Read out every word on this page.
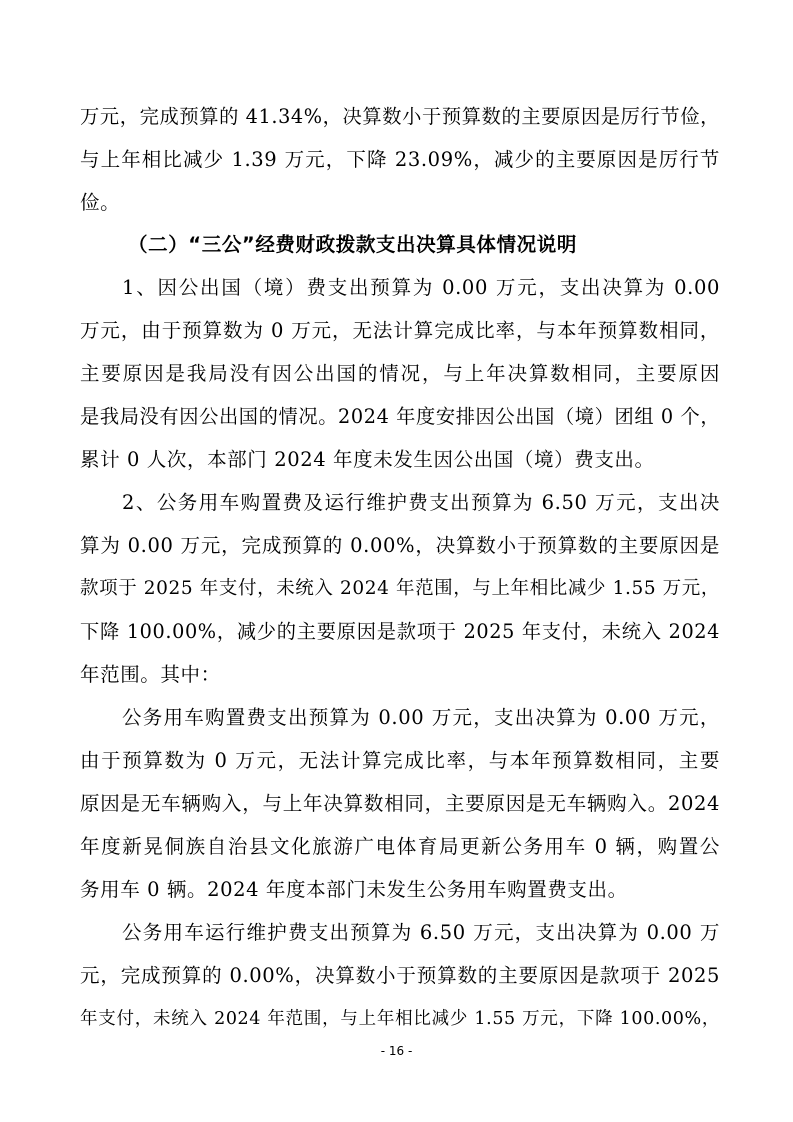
万元，完成预算的 41.34%，决算数小于预算数的主要原因是厉行节俭，
与上年相比减少 1.39 万元，下降 23.09%，减少的主要原因是厉行节
俭。
（二）“三公”经费财政拨款支出决算具体情况说明
1、因公出国（境）费支出预算为 0.00 万元，支出决算为 0.00
万元，由于预算数为 0 万元，无法计算完成比率，与本年预算数相同，
主要原因是我局没有因公出国的情况，与上年决算数相同，主要原因
是我局没有因公出国的情况。2024 年度安排因公出国（境）团组 0 个，
累计 0 人次，本部门 2024 年度未发生因公出国（境）费支出。
2、公务用车购置费及运行维护费支出预算为 6.50 万元，支出决
算为 0.00 万元，完成预算的 0.00%，决算数小于预算数的主要原因是
款项于 2025 年支付，未统入 2024 年范围，与上年相比减少 1.55 万元，
下降 100.00%，减少的主要原因是款项于 2025 年支付，未统入 2024
年范围。其中：
公务用车购置费支出预算为 0.00 万元，支出决算为 0.00 万元，
由于预算数为 0 万元，无法计算完成比率，与本年预算数相同，主要
原因是无车辆购入，与上年决算数相同，主要原因是无车辆购入。2024
年度新晃侗族自治县文化旅游广电体育局更新公务用车 0 辆，购置公
务用车 0 辆。2024 年度本部门未发生公务用车购置费支出。
公务用车运行维护费支出预算为 6.50 万元，支出决算为 0.00 万
元，完成预算的 0.00%，决算数小于预算数的主要原因是款项于 2025
年支付，未统入 2024 年范围，与上年相比减少 1.55 万元，下降 100.00%，
- 16 -
